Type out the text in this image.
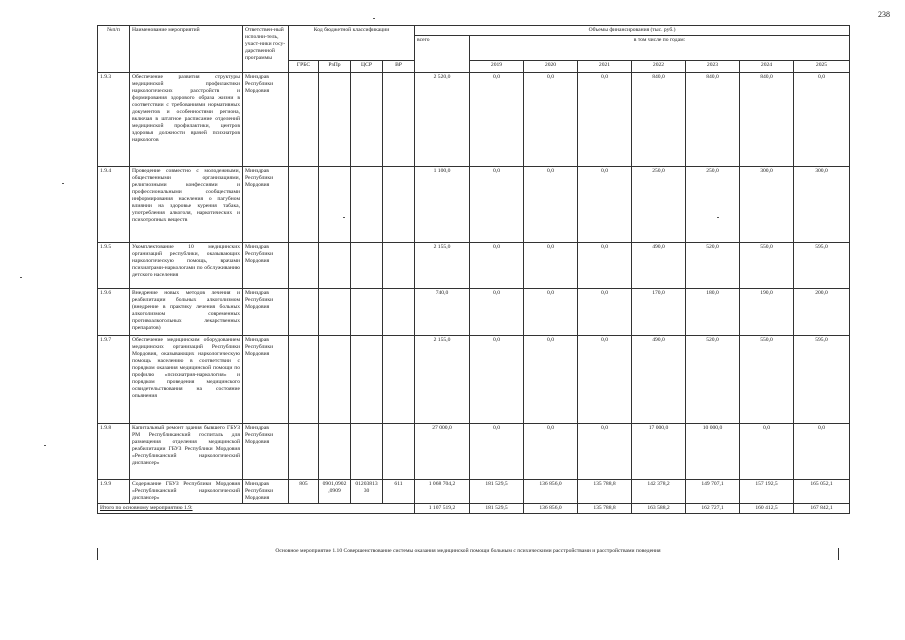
238
№п/п	Наименование мероприятий	Ответствен-ный исполни-тель, участ-ники госу-дарственной программы	Код бюджетной классификации				Объемы финансирования (тыс. руб.)							
							всего	в том числе по годам:						
			ГРБС	РзПр	ЦСР	ВР		2019	2020	2021	2022	2023	2024	2025
1.9.3	Обеспечение развития структуры медицинской профилактики наркологических расстройств и формирования здорового образа жизни в соответствии с требованиями нормативных документов и особенностями региона, включая в штатное расписание отделений медицинской профилактики, центров здоровья должности врачей психиатров наркологов	Минздрав Республики Мордовия					2 520,0	0,0	0,0	0,0	840,0	840,0	840,0	0,0
1.9.4	Проведение совместно с молодежными, общественными организациями, религиозными конфессиями и профессиональными сообществами информирования населения о пагубном влиянии на здоровье курения табака, употребления алкоголя, наркотических и психотропных веществ	Минздрав Республики Мордовия					1 100,0	0,0	0,0	0,0	250,0	250,0	300,0	300,0
1.9.5	Укомплектование 10 медицинских организаций республики, оказывающих наркологическую помощь, врачами психиатрами-наркологами по обслуживанию детского населения	Минздрав Республики Мордовия					2 155,0	0,0	0,0	0,0	490,0	520,0	550,0	595,0
1.9.6	Внедрение новых методов лечения и реабилитации больных алкоголизмом (внедрение в практику лечения больных алкоголизмом современных противоалкогольных лекарственных препаратов)	Минздрав Республики Мордовия					740,0	0,0	0,0	0,0	170,0	180,0	190,0	200,0
1.9.7	Обеспечение медицинским оборудованием медицинских организаций Республики Мордовия, оказывающих наркологическую помощь населению в соответствии с порядком оказания медицинской помощи по профилю «психиатрия-наркология» и порядком проведения медицинского освидетельствования на состояние опьянения	Минздрав Республики Мордовия					2 155,0	0,0	0,0	0,0	490,0	520,0	550,0	595,0
1.9.8	Капитальный ремонт здания бывшего ГБУЗ РМ Республиканский госпиталь для размещения отделения медицинской реабилитации ГБУЗ Республики Мордовия «Республиканский наркологический диспансер»	Минздрав Республики Мордовия					27 000,0	0,0	0,0	0,0	17 000,0	10 000,0	0,0	0,0
1.9.9	Содержание ГБУЗ Республики Мордовия «Республиканский наркологический диспансер»	Минздрав Республики Мордовия	805	0901,0902 ,0909	01203813 30	611	1 068 704,2	181 529,5	136 856,0	135 788,8	142 378,2	149 707,1	157 192,5	165 052,1
Итого по основному мероприятию 1.9:							1 107 519,2	181 529,5	136 856,0	135 788,8	163 588,2	162 727,1	160 412,5	167 842,1
Основное мероприятие 1.10 Совершенствование системы оказания медицинской помощи больным с психическими расстройствами и расстройствами поведения
